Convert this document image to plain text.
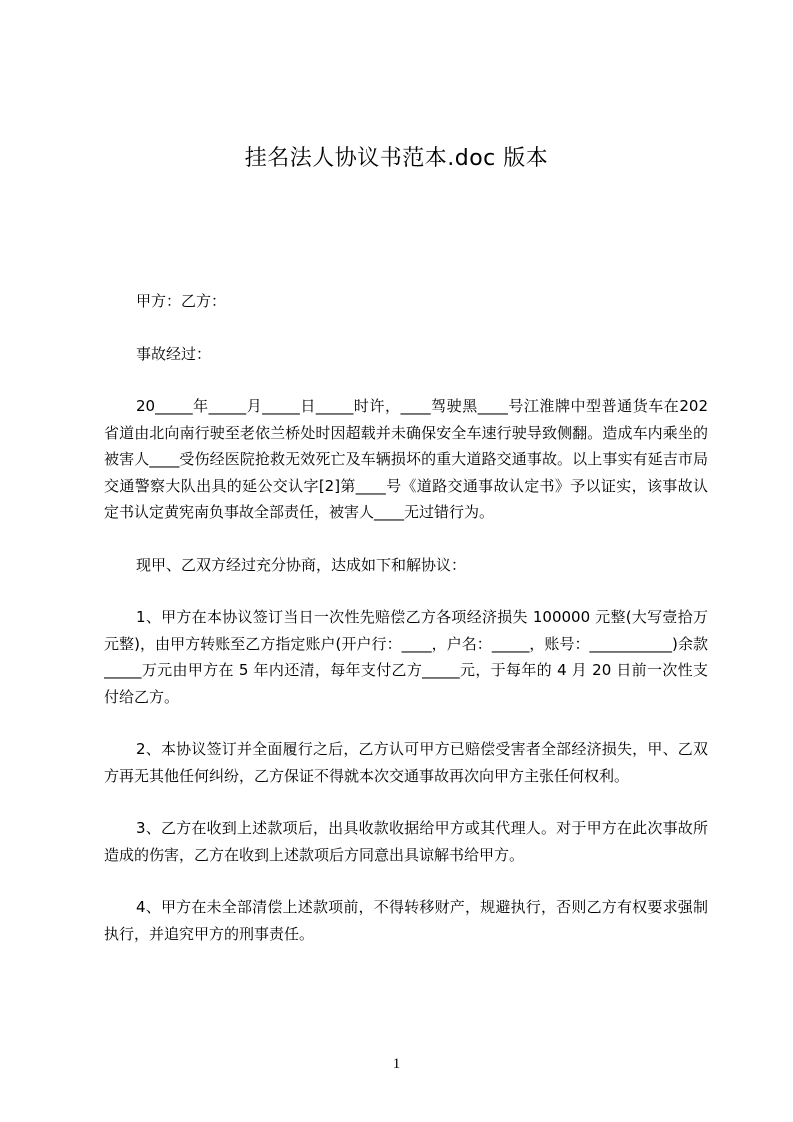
挂名法人协议书范本.doc 版本

甲方：乙方：

事故经过：

20_____年_____月_____日_____时许，____驾驶黑____号江淮牌中型普通货车在202省道由北向南行驶至老依兰桥处时因超载并未确保安全车速行驶导致侧翻。造成车内乘坐的被害人____受伤经医院抢救无效死亡及车辆损坏的重大道路交通事故。以上事实有延吉市局交通警察大队出具的延公交认字[2]第____号《道路交通事故认定书》予以证实，该事故认定书认定黄宪南负事故全部责任，被害人____无过错行为。

现甲、乙双方经过充分协商，达成如下和解协议：

1、甲方在本协议签订当日一次性先赔偿乙方各项经济损失 100000 元整(大写壹拾万元整)，由甲方转账至乙方指定账户(开户行：____，户名：_____，账号：___________)余款_____万元由甲方在 5 年内还清，每年支付乙方_____元，于每年的 4 月 20 日前一次性支付给乙方。

2、本协议签订并全面履行之后，乙方认可甲方已赔偿受害者全部经济损失，甲、乙双方再无其他任何纠纷，乙方保证不得就本次交通事故再次向甲方主张任何权利。

3、乙方在收到上述款项后，出具收款收据给甲方或其代理人。对于甲方在此次事故所造成的伤害，乙方在收到上述款项后方同意出具谅解书给甲方。

4、甲方在未全部清偿上述款项前，不得转移财产，规避执行，否则乙方有权要求强制执行，并追究甲方的刑事责任。

1
